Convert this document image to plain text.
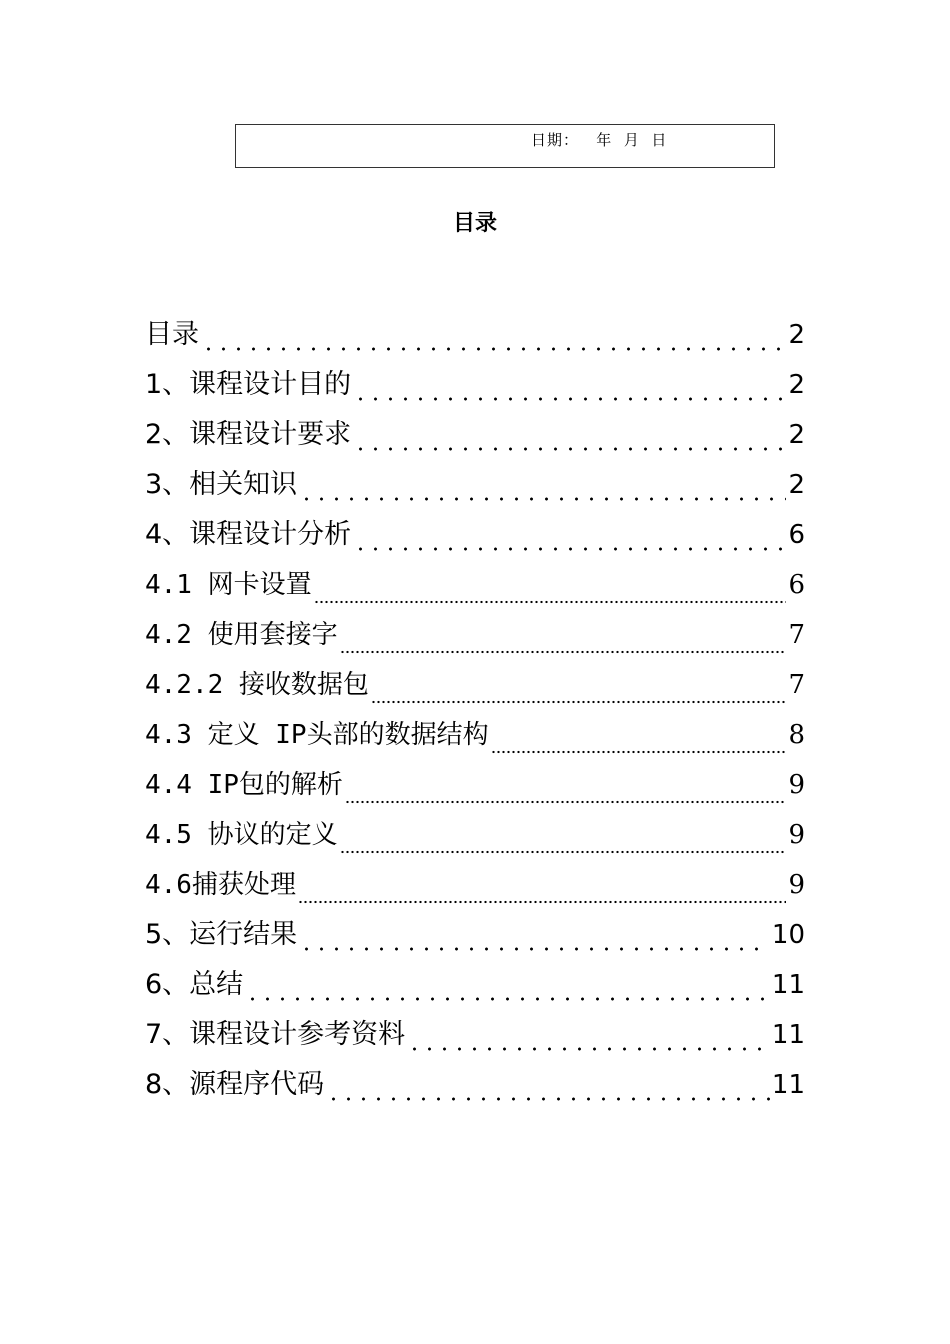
日期：   年  月  日
目录
目录	2
1、课程设计目的	2
2、课程设计要求	2
3、相关知识	2
4、课程设计分析	6
4.1 网卡设置	6
4.2 使用套接字	7
4.2.2 接收数据包	7
4.3 定义 IP头部的数据结构	8
4.4 IP包的解析	9
4.5 协议的定义	9
4.6捕获处理	9
5、运行结果	10
6、总结	11
7、课程设计参考资料	11
8、源程序代码	11
